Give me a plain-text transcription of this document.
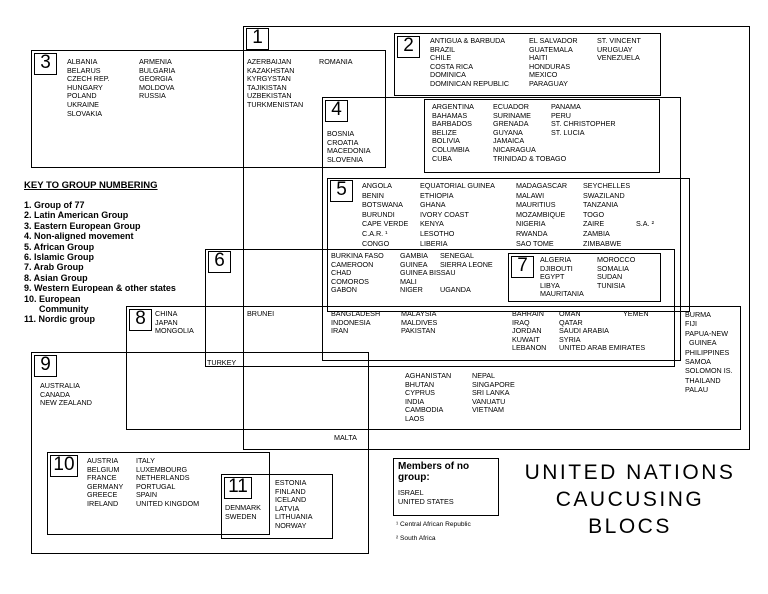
1
3
2
4
5
6	7
8
9
10
11
ALBANIA
BELARUS
CZECH REP.
HUNGARY
POLAND
UKRAINE
SLOVAKIA
ARMENIA
BULGARIA
GEORGIA
MOLDOVA
RUSSIA
AZERBAIJAN
KAZAKHSTAN
KYRGYSTAN
TAJIKISTAN
UZBEKISTAN
TURKMENISTAN
ROMANIA
ANTIGUA & BARBUDA
BRAZIL
CHILE
COSTA RICA
DOMINICA
DOMINICAN REPUBLIC
EL SALVADOR
GUATEMALA
HAITI
HONDURAS
MEXICO
PARAGUAY
ST. VINCENT
URUGUAY
VENEZUELA
BOSNIA
CROATIA
MACEDONIA
SLOVENIA
ARGENTINA
BAHAMAS
BARBADOS
BELIZE
BOLIVIA
COLUMBIA
CUBA
ECUADOR
SURINAME
GRENADA
GUYANA
JAMAICA
NICARAGUA
TRINIDAD & TOBAGO
PANAMA
PERU
ST. CHRISTOPHER
ST. LUCIA
ANGOLA
BENIN
BOTSWANA
BURUNDI
CAPE VERDE
C.A.R. ¹
CONGO
EQUATORIAL GUINEA
ETHIOPIA
GHANA
IVORY COAST
KENYA
LESOTHO
LIBERIA
MADAGASCAR
MALAWI
MAURITIUS
MOZAMBIQUE
NIGERIA
RWANDA
SAO TOME
SEYCHELLES
SWAZILAND
TANZANIA
TOGO
ZAIRE
ZAMBIA
ZIMBABWE
S.A. ²
BURKINA FASO
CAMEROON
CHAD
COMOROS
GABON
GAMBIA
GUINEA
GUINEA BISSAU
MALI
NIGER
SENEGAL
SIERRA LEONE
UGANDA
ALGERIA
DJIBOUTI
EGYPT
LIBYA
MAURITANIA
MOROCCO
SOMALIA
SUDAN
TUNISIA
CHINA
JAPAN
MONGOLIA
BRUNEI	BANGLADESH
INDONESIA
IRAN
MALAYSIA
MALDIVES
PAKISTAN
BAHRAIN
IRAQ
JORDAN
KUWAIT
LEBANON
OMAN
QATAR
SAUDI ARABIA
SYRIA
UNITED ARAB EMIRATES
YEMEN	BURMA
FIJI
PAPUA-NEW
GUINEA
PHILIPPINES
SAMOA
SOLOMON IS.
THAILAND
PALAU
TURKEY
AUSTRALIA
CANADA
NEW ZEALAND
AGHANISTAN
BHUTAN
CYPRUS
INDIA
CAMBODIA
LAOS
NEPAL
SINGAPORE
SRI LANKA
VANUATU
VIETNAM
MALTA
AUSTRIA
BELGIUM
FRANCE
GERMANY
GREECE
IRELAND
ITALY
LUXEMBOURG
NETHERLANDS
PORTUGAL
SPAIN
UNITED KINGDOM	DENMARK
SWEDEN
ESTONIA
FINLAND
ICELAND
LATVIA
LITHUANIA
NORWAY
KEY TO GROUP NUMBERING
1. Group of 77
2. Latin American Group
3. Eastern European Group
4. Non-aligned movement
5. African Group
6. Islamic Group
7. Arab Group
8. Asian Group
9. Western European & other states
10. European
Community
11. Nordic group
Members of no group:
ISRAEL
UNITED STATES
¹ Central African Republic
² South Africa
UNITED NATIONS
CAUCUSING
BLOCS
